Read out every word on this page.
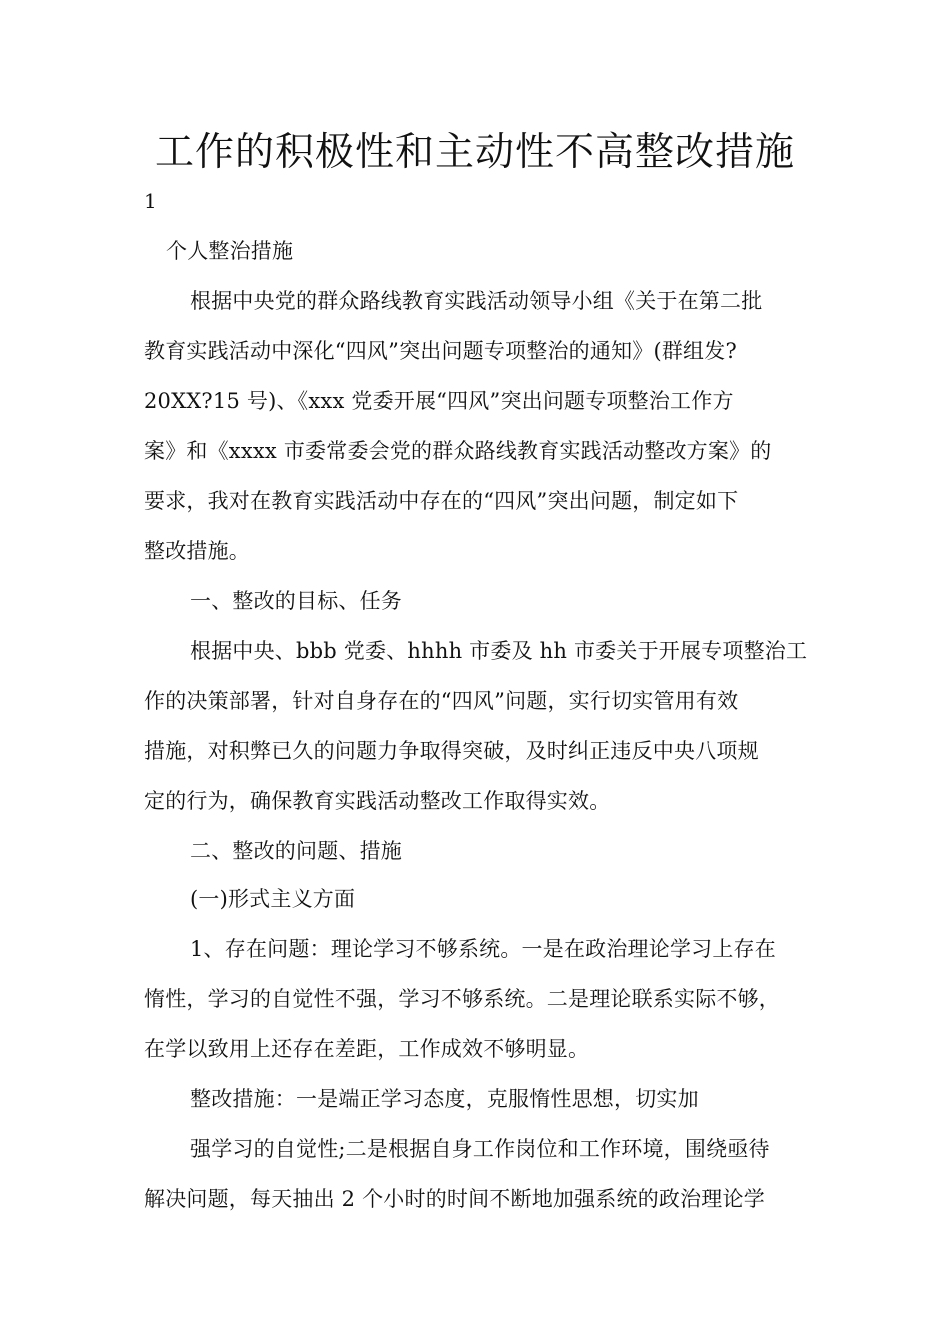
工作的积极性和主动性不高整改措施
1
个人整治措施
根据中央党的群众路线教育实践活动领导小组《关于在第二批
教育实践活动中深化“四风”突出问题专项整治的通知》(群组发?
20XX?15 号)、《xxx 党委开展“四风”突出问题专项整治工作方
案》和《xxxx 市委常委会党的群众路线教育实践活动整改方案》的
要求，我对在教育实践活动中存在的“四风”突出问题，制定如下
整改措施。
一、整改的目标、任务
根据中央、bbb 党委、hhhh 市委及 hh 市委关于开展专项整治工
作的决策部署，针对自身存在的“四风”问题，实行切实管用有效
措施，对积弊已久的问题力争取得突破，及时纠正违反中央八项规
定的行为，确保教育实践活动整改工作取得实效。
二、整改的问题、措施
(一)形式主义方面
1、存在问题：理论学习不够系统。一是在政治理论学习上存在
惰性，学习的自觉性不强，学习不够系统。二是理论联系实际不够，
在学以致用上还存在差距，工作成效不够明显。
整改措施：一是端正学习态度，克服惰性思想，切实加
强学习的自觉性;二是根据自身工作岗位和工作环境，围绕亟待
解决问题，每天抽出 2 个小时的时间不断地加强系统的政治理论学
